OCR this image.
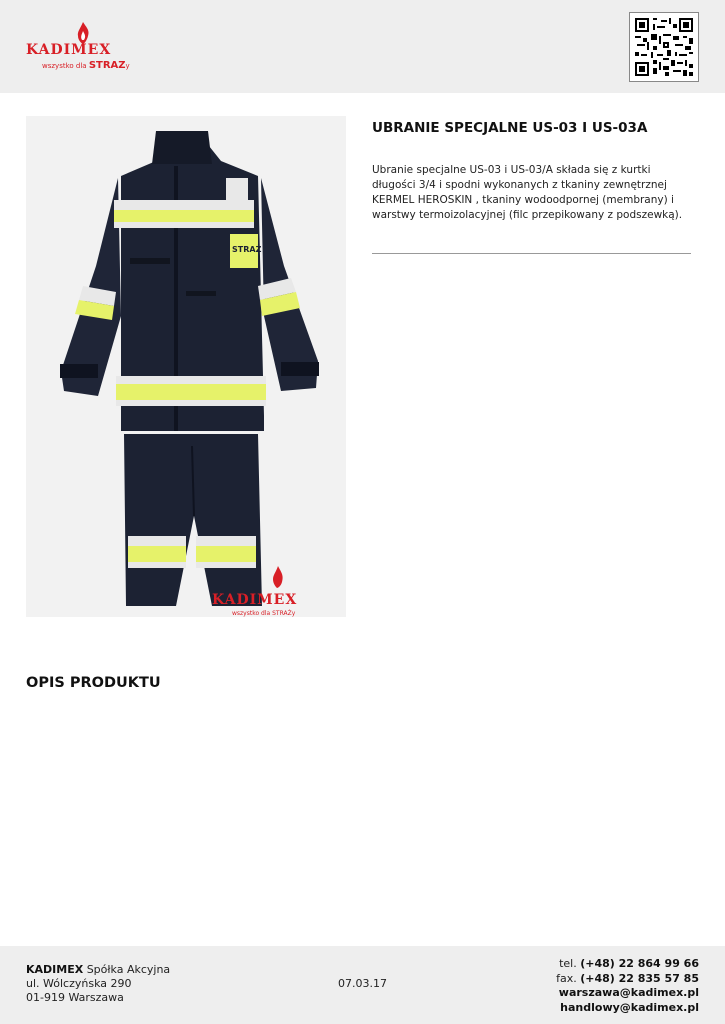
KADIMEX
wszystko dla STRAZy
STRAŻ
KADIMEX
wszystko dla STRAŻy
UBRANIE SPECJALNE US-03 I US-03A
Ubranie specjalne US-03 i US-03/A składa się z kurtki długości 3/4 i spodni wykonanych z tkaniny zewnętrznej KERMEL HEROSKIN , tkaniny wodoodpornej (membrany) i warstwy termoizolacyjnej (filc przepikowany z podszewką).
OPIS PRODUKTU
KADIMEX Spółka Akcyjna
ul. Wólczyńska 290
01-919 Warszawa
07.03.17
tel. (+48) 22 864 99 66
fax. (+48) 22 835 57 85
warszawa@kadimex.pl
handlowy@kadimex.pl
